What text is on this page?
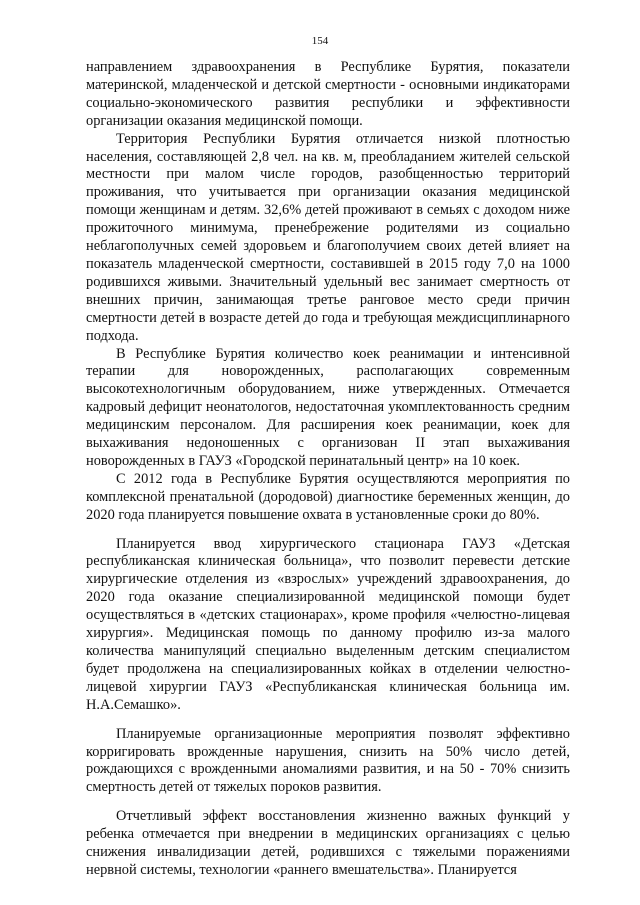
154

направлением здравоохранения в Республике Бурятия, показатели материнской, младенческой и детской смертности - основными индикаторами социально-экономического развития республики и эффективности организации оказания медицинской помощи.

Территория Республики Бурятия отличается низкой плотностью населения, составляющей 2,8 чел. на кв. м, преобладанием жителей сельской местности при малом числе городов, разобщенностью территорий проживания, что учитывается при организации оказания медицинской помощи женщинам и детям. 32,6% детей проживают в семьях с доходом ниже прожиточного минимума, пренебрежение родителями из социально неблагополучных семей здоровьем и благополучием своих детей влияет на показатель младенческой смертности, составившей в 2015 году 7,0 на 1000 родившихся живыми. Значительный удельный вес занимает смертность от внешних причин, занимающая третье ранговое место среди причин смертности детей в возрасте детей до года и требующая междисциплинарного подхода.

В Республике Бурятия количество коек реанимации и интенсивной терапии для новорожденных, располагающих современным высокотехнологичным оборудованием, ниже утвержденных. Отмечается кадровый дефицит неонатологов, недостаточная укомплектованность средним медицинским персоналом. Для расширения коек реанимации, коек для выхаживания недоношенных с организован II этап выхаживания новорожденных в ГАУЗ «Городской перинатальный центр» на 10 коек.

С 2012 года в Республике Бурятия осуществляются мероприятия по комплексной пренатальной (дородовой) диагностике беременных женщин, до 2020 года планируется повышение охвата в установленные сроки до 80%.

Планируется ввод хирургического стационара ГАУЗ «Детская республиканская клиническая больница», что позволит перевести детские хирургические отделения из «взрослых» учреждений здравоохранения, до 2020 года оказание специализированной медицинской помощи будет осуществляться в «детских стационарах», кроме профиля «челюстно-лицевая хирургия». Медицинская помощь по данному профилю из-за малого количества манипуляций специально выделенным детским специалистом будет продолжена на специализированных койках в отделении челюстно-лицевой хирургии ГАУЗ «Республиканская клиническая больница им. Н.А.Семашко».

Планируемые организационные мероприятия позволят эффективно корригировать врожденные нарушения, снизить на 50% число детей, рождающихся с врожденными аномалиями развития, и на 50 - 70% снизить смертность детей от тяжелых пороков развития.

Отчетливый эффект восстановления жизненно важных функций у ребенка отмечается при внедрении в медицинских организациях с целью снижения инвалидизации детей, родившихся с тяжелыми поражениями нервной системы, технологии «раннего вмешательства». Планируется
